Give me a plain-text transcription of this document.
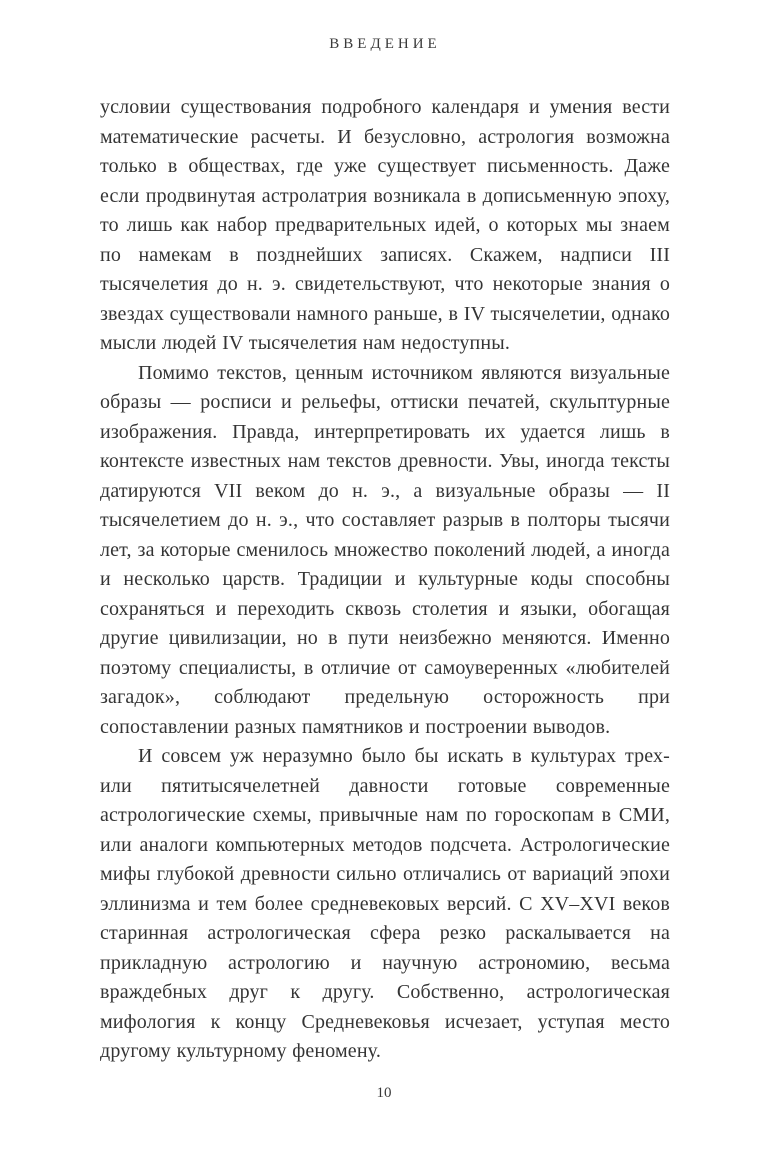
ВВЕДЕНИЕ

условии существования подробного календаря и умения вести математические расчеты. И безусловно, астрология возможна только в обществах, где уже существует письменность. Даже если продвинутая астролатрия возникала в дописьменную эпоху, то лишь как набор предварительных идей, о которых мы знаем по намекам в позднейших записях. Скажем, надписи III тысячелетия до н. э. свидетельствуют, что некоторые знания о звездах существовали намного раньше, в IV тысячелетии, однако мысли людей IV тысячелетия нам недоступны.

Помимо текстов, ценным источником являются визуальные образы — росписи и рельефы, оттиски печатей, скульптурные изображения. Правда, интерпретировать их удается лишь в контексте известных нам текстов древности. Увы, иногда тексты датируются VII веком до н. э., а визуальные образы — II тысячелетием до н. э., что составляет разрыв в полторы тысячи лет, за которые сменилось множество поколений людей, а иногда и несколько царств. Традиции и культурные коды способны сохраняться и переходить сквозь столетия и языки, обогащая другие цивилизации, но в пути неизбежно меняются. Именно поэтому специалисты, в отличие от самоуверенных «любителей загадок», соблюдают предельную осторожность при сопоставлении разных памятников и построении выводов.

И совсем уж неразумно было бы искать в культурах трех- или пятитысячелетней давности готовые современные астрологические схемы, привычные нам по гороскопам в СМИ, или аналоги компьютерных методов подсчета. Астрологические мифы глубокой древности сильно отличались от вариаций эпохи эллинизма и тем более средневековых версий. С XV–XVI веков старинная астрологическая сфера резко раскалывается на прикладную астрологию и научную астрономию, весьма враждебных друг к другу. Собственно, астрологическая мифология к концу Средневековья исчезает, уступая место другому культурному феномену.

10
